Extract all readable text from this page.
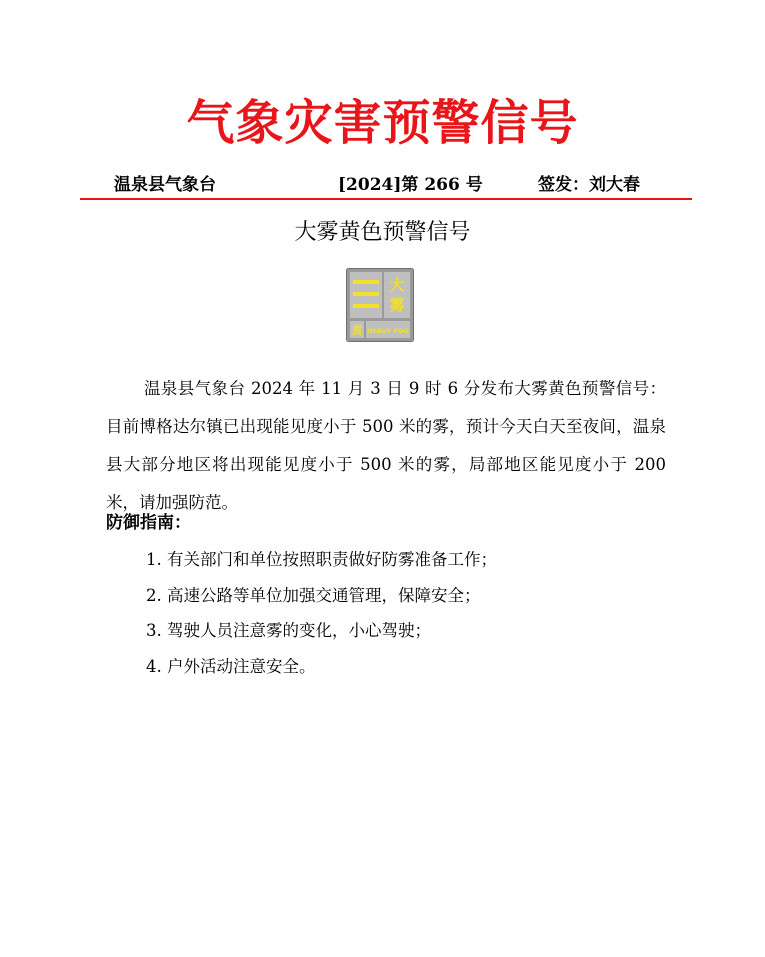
气象灾害预警信号
温泉县气象台	[2024]第 266 号	签发：刘大春
大雾黄色预警信号
大
雾
黄 HEAVY FOG

温泉县气象台 2024 年 11 月 3 日 9 时 6 分发布大雾黄色预警信号：目前博格达尔镇已出现能见度小于 500 米的雾，预计今天白天至夜间，温泉县大部分地区将出现能见度小于 500 米的雾，局部地区能见度小于 200 米，请加强防范。

防御指南：
1. 有关部门和单位按照职责做好防雾准备工作；
2. 高速公路等单位加强交通管理，保障安全；
3. 驾驶人员注意雾的变化，小心驾驶；
4. 户外活动注意安全。
